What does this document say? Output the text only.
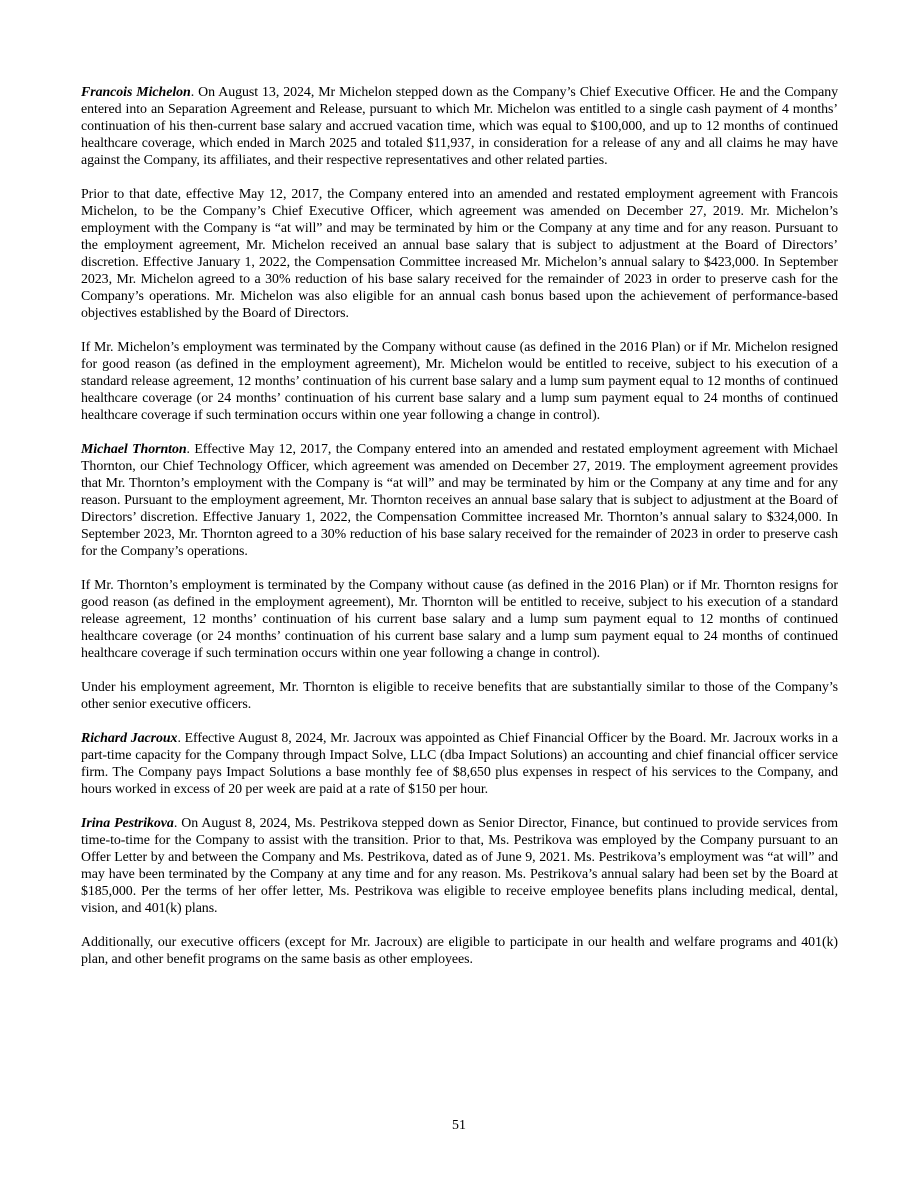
Francois Michelon. On August 13, 2024, Mr Michelon stepped down as the Company’s Chief Executive Officer. He and the Company entered into an Separation Agreement and Release, pursuant to which Mr. Michelon was entitled to a single cash payment of 4 months’ continuation of his then-current base salary and accrued vacation time, which was equal to $100,000, and up to 12 months of continued healthcare coverage, which ended in March 2025 and totaled $11,937, in consideration for a release of any and all claims he may have against the Company, its affiliates, and their respective representatives and other related parties.

Prior to that date, effective May 12, 2017, the Company entered into an amended and restated employment agreement with Francois Michelon, to be the Company’s Chief Executive Officer, which agreement was amended on December 27, 2019. Mr. Michelon’s employment with the Company is “at will” and may be terminated by him or the Company at any time and for any reason. Pursuant to the employment agreement, Mr. Michelon received an annual base salary that is subject to adjustment at the Board of Directors’ discretion. Effective January 1, 2022, the Compensation Committee increased Mr. Michelon’s annual salary to $423,000. In September 2023, Mr. Michelon agreed to a 30% reduction of his base salary received for the remainder of 2023 in order to preserve cash for the Company’s operations. Mr. Michelon was also eligible for an annual cash bonus based upon the achievement of performance-based objectives established by the Board of Directors.

If Mr. Michelon’s employment was terminated by the Company without cause (as defined in the 2016 Plan) or if Mr. Michelon resigned for good reason (as defined in the employment agreement), Mr. Michelon would be entitled to receive, subject to his execution of a standard release agreement, 12 months’ continuation of his current base salary and a lump sum payment equal to 12 months of continued healthcare coverage (or 24 months’ continuation of his current base salary and a lump sum payment equal to 24 months of continued healthcare coverage if such termination occurs within one year following a change in control).

Michael Thornton. Effective May 12, 2017, the Company entered into an amended and restated employment agreement with Michael Thornton, our Chief Technology Officer, which agreement was amended on December 27, 2019. The employment agreement provides that Mr. Thornton’s employment with the Company is “at will” and may be terminated by him or the Company at any time and for any reason. Pursuant to the employment agreement, Mr. Thornton receives an annual base salary that is subject to adjustment at the Board of Directors’ discretion. Effective January 1, 2022, the Compensation Committee increased Mr. Thornton’s annual salary to $324,000. In September 2023, Mr. Thornton agreed to a 30% reduction of his base salary received for the remainder of 2023 in order to preserve cash for the Company’s operations.

If Mr. Thornton’s employment is terminated by the Company without cause (as defined in the 2016 Plan) or if Mr. Thornton resigns for good reason (as defined in the employment agreement), Mr. Thornton will be entitled to receive, subject to his execution of a standard release agreement, 12 months’ continuation of his current base salary and a lump sum payment equal to 12 months of continued healthcare coverage (or 24 months’ continuation of his current base salary and a lump sum payment equal to 24 months of continued healthcare coverage if such termination occurs within one year following a change in control).

Under his employment agreement, Mr. Thornton is eligible to receive benefits that are substantially similar to those of the Company’s other senior executive officers.

Richard Jacroux. Effective August 8, 2024, Mr. Jacroux was appointed as Chief Financial Officer by the Board. Mr. Jacroux works in a part-time capacity for the Company through Impact Solve, LLC (dba Impact Solutions) an accounting and chief financial officer service firm. The Company pays Impact Solutions a base monthly fee of $8,650 plus expenses in respect of his services to the Company, and hours worked in excess of 20 per week are paid at a rate of $150 per hour.

Irina Pestrikova. On August 8, 2024, Ms. Pestrikova stepped down as Senior Director, Finance, but continued to provide services from time-to-time for the Company to assist with the transition. Prior to that, Ms. Pestrikova was employed by the Company pursuant to an Offer Letter by and between the Company and Ms. Pestrikova, dated as of June 9, 2021. Ms. Pestrikova’s employment was “at will” and may have been terminated by the Company at any time and for any reason. Ms. Pestrikova’s annual salary had been set by the Board at $185,000. Per the terms of her offer letter, Ms. Pestrikova was eligible to receive employee benefits plans including medical, dental, vision, and 401(k) plans.

Additionally, our executive officers (except for Mr. Jacroux) are eligible to participate in our health and welfare programs and 401(k) plan, and other benefit programs on the same basis as other employees.

51
